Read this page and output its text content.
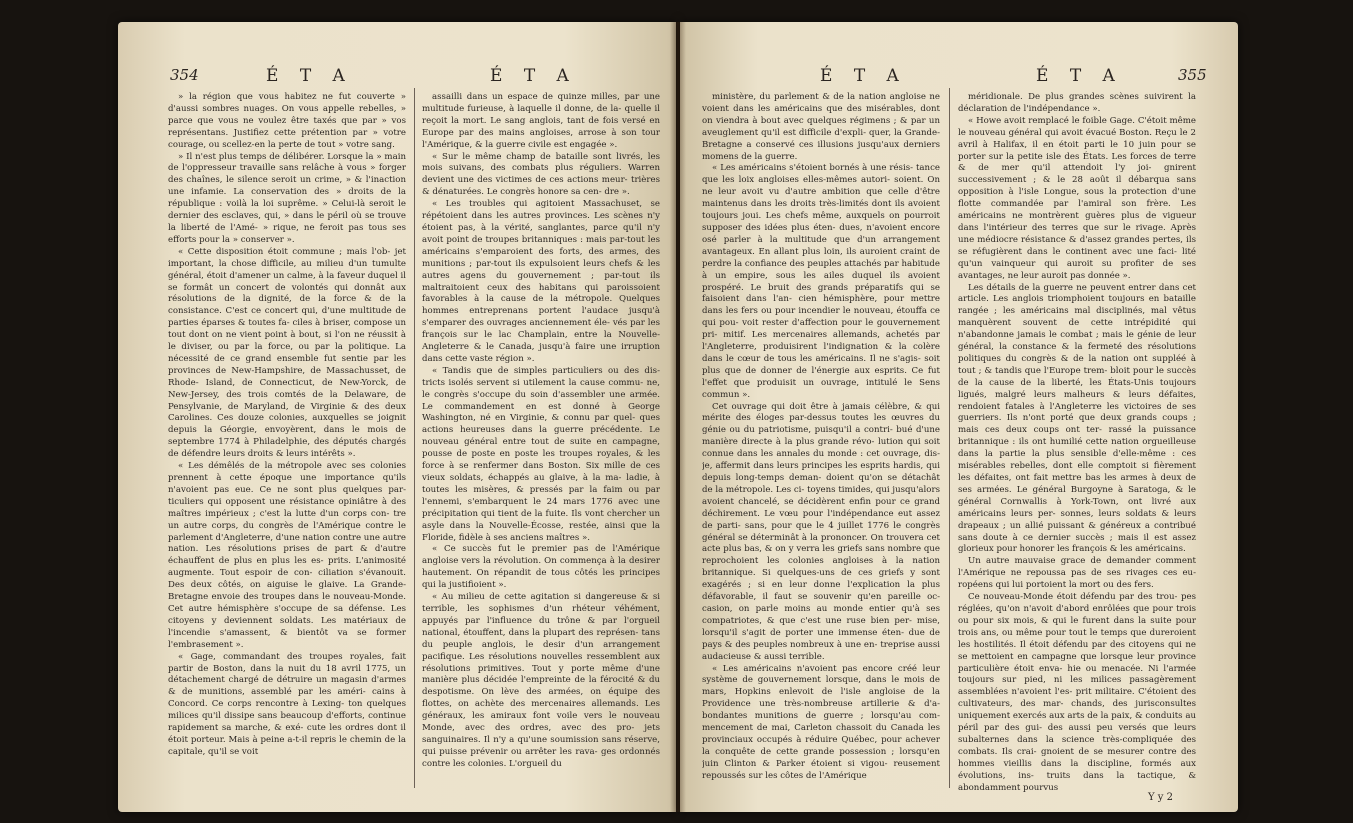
354	É T A	É T A

» la région que vous habitez ne fut couverte » d'aussi sombres nuages. On vous appelle rebelles, » parce que vous ne voulez être taxés que par » vos représentans. Justifiez cette prétention par » votre courage, ou scellez-en la perte de tout » votre sang.

» Il n'est plus temps de délibérer. Lorsque la » main de l'oppresseur travaille sans relâche à vous » forger des chaînes, le silence seroit un crime, » & l'inaction une infamie. La conservation des » droits de la république : voilà la loi suprême. » Celui-là seroit le dernier des esclaves, qui, » dans le péril où se trouve la liberté de l'Amé- » rique, ne feroit pas tous ses efforts pour la » conserver ».

« Cette disposition étoit commune ; mais l'ob- jet important, la chose difficile, au milieu d'un tumulte général, étoit d'amener un calme, à la faveur duquel il se formât un concert de volontés qui donnât aux résolutions de la dignité, de la force & de la consistance. C'est ce concert qui, d'une multitude de parties éparses & toutes fa- ciles à briser, compose un tout dont on ne vient point à bout, si l'on ne réussit à le diviser, ou par la force, ou par la politique. La nécessité de ce grand ensemble fut sentie par les provinces de New-Hampshire, de Massachusset, de Rhode- Island, de Connecticut, de New-Yorck, de New-Jersey, des trois comtés de la Delaware, de Pensylvanie, de Maryland, de Virginie & des deux Carolines. Ces douze colonies, auxquelles se joignit depuis la Géorgie, envoyèrent, dans le mois de septembre 1774 à Philadelphie, des députés chargés de défendre leurs droits & leurs intérêts ».

« Les démêlés de la métropole avec ses colonies prennent à cette époque une importance qu'ils n'avoient pas eue. Ce ne sont plus quelques par- ticuliers qui opposent une résistance opiniâtre à des maîtres impérieux ; c'est la lutte d'un corps con- tre un autre corps, du congrès de l'Amérique contre le parlement d'Angleterre, d'une nation contre une autre nation. Les résolutions prises de part & d'autre échauffent de plus en plus les es- prits. L'animosité augmente. Tout espoir de con- ciliation s'évanouit. Des deux côtés, on aiguise le glaive. La Grande-Bretagne envoie des troupes dans le nouveau-Monde. Cet autre hémisphère s'occupe de sa défense. Les citoyens y deviennent soldats. Les matériaux de l'incendie s'amassent, & bientôt va se former l'embrasement ».

« Gage, commandant des troupes royales, fait partir de Boston, dans la nuit du 18 avril 1775, un détachement chargé de détruire un magasin d'armes & de munitions, assemblé par les améri- cains à Concord. Ce corps rencontre à Lexing- ton quelques milices qu'il dissipe sans beaucoup d'efforts, continue rapidement sa marche, & exé- cute les ordres dont il étoit porteur. Mais à peine a-t-il repris le chemin de la capitale, qu'il se voit

assailli dans un espace de quinze milles, par une multitude furieuse, à laquelle il donne, de la- quelle il reçoit la mort. Le sang anglois, tant de fois versé en Europe par des mains angloises, arrose à son tour l'Amérique, & la guerre civile est engagée ».

« Sur le même champ de bataille sont livrés, les mois suivans, des combats plus réguliers. Warren devient une des victimes de ces actions meur- trières & dénaturées. Le congrès honore sa cen- dre ».

« Les troubles qui agitoient Massachuset, se répétoient dans les autres provinces. Les scènes n'y étoient pas, à la vérité, sanglantes, parce qu'il n'y avoit point de troupes britanniques : mais par-tout les américains s'emparoient des forts, des armes, des munitions ; par-tout ils expulsoient leurs chefs & les autres agens du gouvernement ; par-tout ils maltraitoient ceux des habitans qui paroissoient favorables à la cause de la métropole. Quelques hommes entreprenans portent l'audace jusqu'à s'emparer des ouvrages anciennement éle- vés par les françois sur le lac Champlain, entre la Nouvelle-Angleterre & le Canada, jusqu'à faire une irruption dans cette vaste région ».

« Tandis que de simples particuliers ou des dis- tricts isolés servent si utilement la cause commu- ne, le congrès s'occupe du soin d'assembler une armée. Le commandement en est donné à George Washington, né en Virginie, & connu par quel- ques actions heureuses dans la guerre précédente. Le nouveau général entre tout de suite en campagne, pousse de poste en poste les troupes royales, & les force à se renfermer dans Boston. Six mille de ces vieux soldats, échappés au glaive, à la ma- ladie, à toutes les misères, & pressés par la faim ou par l'ennemi, s'embarquent le 24 mars 1776 avec une précipitation qui tient de la fuite. Ils vont chercher un asyle dans la Nouvelle-Écosse, restée, ainsi que la Floride, fidèle à ses anciens maîtres ».

« Ce succès fut le premier pas de l'Amérique angloise vers la révolution. On commença à la desirer hautement. On répandit de tous côtés les principes qui la justifioient ».

« Au milieu de cette agitation si dangereuse & si terrible, les sophismes d'un rhéteur véhément, appuyés par l'influence du trône & par l'orgueil national, étouffent, dans la plupart des représen- tans du peuple anglois, le desir d'un arrangement pacifique. Les résolutions nouvelles ressemblent aux résolutions primitives. Tout y porte même d'une manière plus décidée l'empreinte de la férocité & du despotisme. On lève des armées, on équipe des flottes, on achète des mercenaires allemands. Les généraux, les amiraux font voile vers le nouveau Monde, avec des ordres, avec des pro- jets sanguinaires. Il n'y a qu'une soumission sans réserve, qui puisse prévenir ou arrêter les rava- ges ordonnés contre les colonies. L'orgueil du

É T A	É T A	355

ministère, du parlement & de la nation angloise ne voient dans les américains que des misérables, dont on viendra à bout avec quelques régimens ; & par un aveuglement qu'il est difficile d'expli- quer, la Grande-Bretagne a conservé ces illusions jusqu'aux derniers momens de la guerre.

« Les américains s'étoient bornés à une résis- tance que les loix angloises elles-mêmes autori- soient. On ne leur avoit vu d'autre ambition que celle d'être maintenus dans les droits très-limités dont ils avoient toujours joui. Les chefs même, auxquels on pourroit supposer des idées plus éten- dues, n'avoient encore osé parler à la multitude que d'un arrangement avantageux. En allant plus loin, ils auroient craint de perdre la confiance des peuples attachés par habitude à un empire, sous les ailes duquel ils avoient prospéré. Le bruit des grands préparatifs qui se faisoient dans l'an- cien hémisphère, pour mettre dans les fers ou pour incendier le nouveau, étouffa ce qui pou- voit rester d'affection pour le gouvernement pri- mitif. Les mercenaires allemands, achetés par l'Angleterre, produisirent l'indignation & la colère dans le cœur de tous les américains. Il ne s'agis- soit plus que de donner de l'énergie aux esprits. Ce fut l'effet que produisit un ouvrage, intitulé le Sens commun ».

Cet ouvrage qui doit être à jamais célèbre, & qui mérite des éloges par-dessus toutes les œuvres du génie ou du patriotisme, puisqu'il a contri- bué d'une manière directe à la plus grande révo- lution qui soit connue dans les annales du monde : cet ouvrage, dis-je, affermit dans leurs principes les esprits hardis, qui depuis long-temps deman- doient qu'on se détachât de la métropole. Les ci- toyens timides, qui jusqu'alors avoient chancelé, se décidèrent enfin pour ce grand déchirement. Le vœu pour l'indépendance eut assez de parti- sans, pour que le 4 juillet 1776 le congrès général se déterminât à la prononcer. On trouvera cet acte plus bas, & on y verra les griefs sans nombre que reprochoient les colonies angloises à la nation britannique. Si quelques-uns de ces griefs y sont exagérés ; si en leur donne l'explication la plus défavorable, il faut se souvenir qu'en pareille oc- casion, on parle moins au monde entier qu'à ses compatriotes, & que c'est une ruse bien per- mise, lorsqu'il s'agit de porter une immense éten- due de pays & des peuples nombreux à une en- treprise aussi audacieuse & aussi terrible.

« Les américains n'avoient pas encore créé leur système de gouvernement lorsque, dans le mois de mars, Hopkins enlevoit de l'isle angloise de la Providence une très-nombreuse artillerie & d'a- bondantes munitions de guerre ; lorsqu'au com- mencement de mai, Carleton chassoit du Canada les provinciaux occupés à réduire Québec, pour achever la conquête de cette grande possession ; lorsqu'en juin Clinton & Parker étoient si vigou- reusement repoussés sur les côtes de l'Amérique

méridionale. De plus grandes scènes suivirent la déclaration de l'indépendance ».

« Howe avoit remplacé le foible Gage. C'étoit même le nouveau général qui avoit évacué Boston. Reçu le 2 avril à Halifax, il en étoit parti le 10 juin pour se porter sur la petite isle des États. Les forces de terre & de mer qu'il attendoit l'y joi- gnirent successivement ; & le 28 août il débarqua sans opposition à l'isle Longue, sous la protection d'une flotte commandée par l'amiral son frère. Les américains ne montrèrent guères plus de vigueur dans l'intérieur des terres que sur le rivage. Après une médiocre résistance & d'assez grandes pertes, ils se réfugièrent dans le continent avec une faci- lité qu'un vainqueur qui auroit su profiter de ses avantages, ne leur auroit pas donnée ».

Les détails de la guerre ne peuvent entrer dans cet article. Les anglois triomphoient toujours en bataille rangée ; les américains mal disciplinés, mal vêtus manquèrent souvent de cette intrépidité qui n'abandonne jamais le combat ; mais le génie de leur général, la constance & la fermeté des résolutions politiques du congrès & de la nation ont suppléé à tout ; & tandis que l'Europe trem- bloit pour le succès de la cause de la liberté, les États-Unis toujours ligués, malgré leurs malheurs & leurs défaites, rendoient fatales à l'Angleterre les victoires de ses guerriers. Ils n'ont porté que deux grands coups ; mais ces deux coups ont ter- rassé la puissance britannique : ils ont humilié cette nation orgueilleuse dans la partie la plus sensible d'elle-même : ces misérables rebelles, dont elle comptoit si fièrement les défaites, ont fait mettre bas les armes à deux de ses armées. Le général Burgoyne à Saratoga, & le général Cornwallis à York-Town, ont livré aux américains leurs per- sonnes, leurs soldats & leurs drapeaux ; un allié puissant & généreux a contribué sans doute à ce dernier succès ; mais il est assez glorieux pour honorer les françois & les américains.

Un autre mauvaise grace de demander comment l'Amérique ne repoussa pas de ses rivages ces eu- ropéens qui lui portoient la mort ou des fers.

Ce nouveau-Monde étoit défendu par des trou- pes réglées, qu'on n'avoit d'abord enrôlées que pour trois ou pour six mois, & qui le furent dans la suite pour trois ans, ou même pour tout le temps que dureroient les hostilités. Il étoit défendu par des citoyens qui ne se mettoient en campagne que lorsque leur province particulière étoit enva- hie ou menacée. Ni l'armée toujours sur pied, ni les milices passagèrement assemblées n'avoient l'es- prit militaire. C'étoient des cultivateurs, des mar- chands, des jurisconsultes uniquement exercés aux arts de la paix, & conduits au péril par des gui- des aussi peu versés que leurs subalternes dans la science très-compliquée des combats. Ils crai- gnoient de se mesurer contre des hommes vieillis dans la discipline, formés aux évolutions, ins- truits dans la tactique, & abondamment pourvus

Y y 2
